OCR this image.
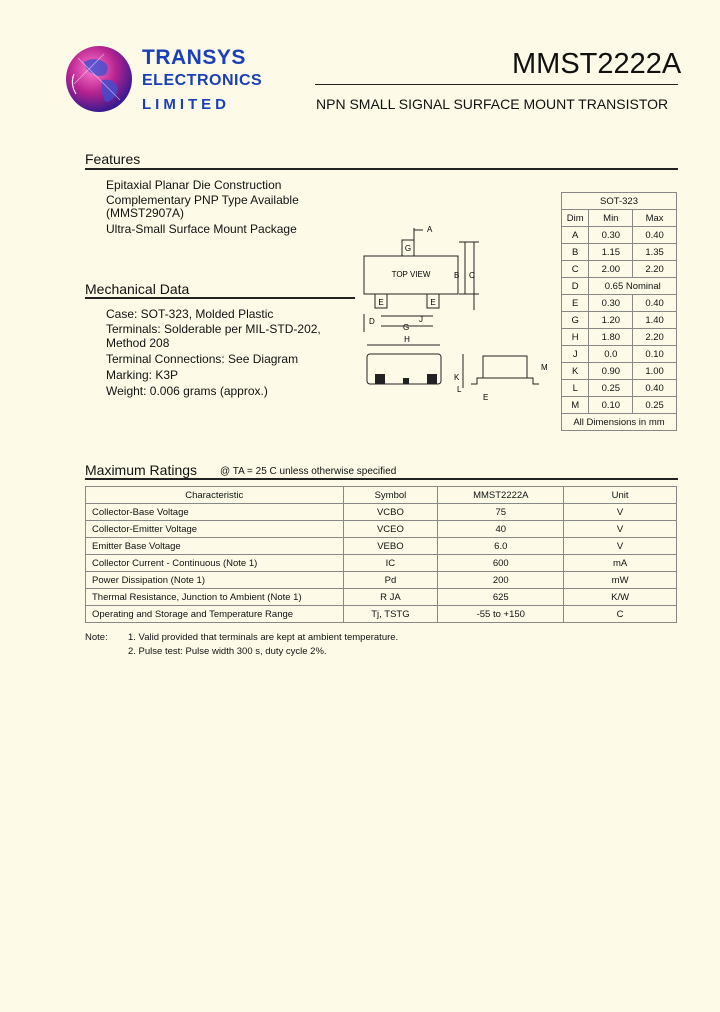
TRANSYS
ELECTRONICS
LIMITED
MMST2222A
NPN SMALL SIGNAL SURFACE MOUNT TRANSISTOR
Features
Epitaxial Planar Die Construction
Complementary PNP Type Available
(MMST2907A)
Ultra-Small Surface Mount Package
Mechanical Data
Case: SOT-323, Molded Plastic
Terminals: Solderable per MIL-STD-202,
Method 208
Terminal Connections: See Diagram
Marking: K3P
Weight: 0.006 grams (approx.)
TOP VIEW
G
E	E
A
B C
D
G
J
H
K
M
L
E
SOT-323		
Dim	Min	Max
A	0.30	0.40
B	1.15	1.35
C	2.00	2.20
D	0.65 Nominal	
E	0.30	0.40
G	1.20	1.40
H	1.80	2.20
J	0.0	0.10
K	0.90	1.00
L	0.25	0.40
M	0.10	0.25
All Dimensions in mm		
Maximum Ratings @ TA = 25 C unless otherwise specified
Characteristic	Symbol	MMST2222A	Unit
Collector-Base Voltage	VCBO	75	V
Collector-Emitter Voltage	VCEO	40	V
Emitter Base Voltage	VEBO	6.0	V
Collector Current - Continuous (Note 1)	IC	600	mA
Power Dissipation (Note 1)	Pd	200	mW
Thermal Resistance, Junction to Ambient (Note 1)	R JA	625	K/W
Operating and Storage and Temperature Range	Tj, TSTG	-55 to +150	C
Note: 1. Valid provided that terminals are kept at ambient temperature.
2. Pulse test: Pulse width 300 s, duty cycle 2%.
